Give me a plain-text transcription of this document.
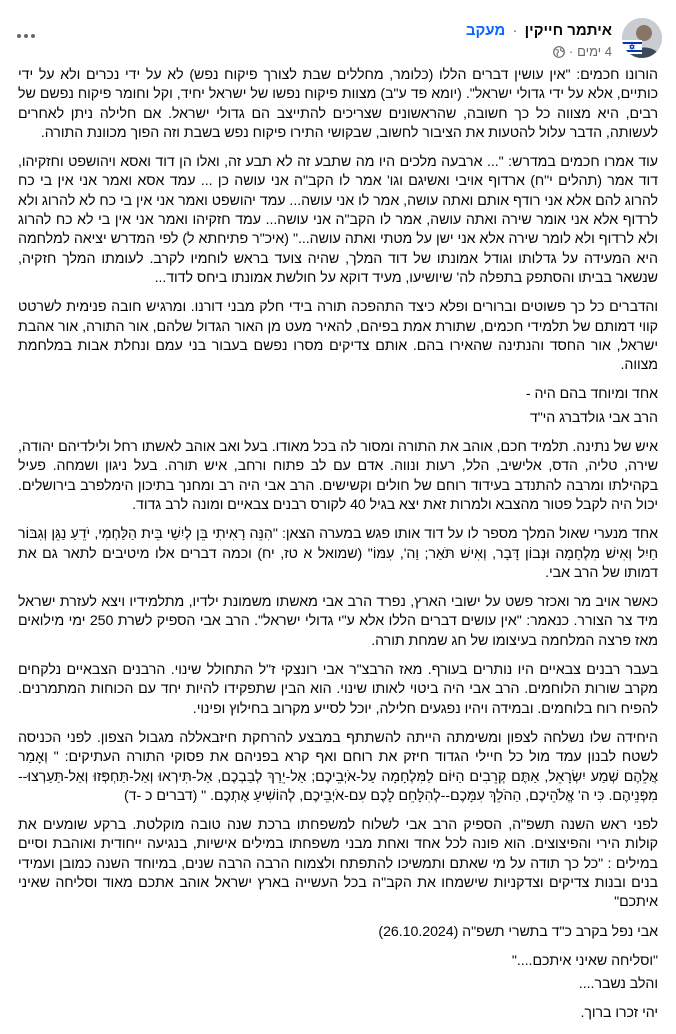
איתמר חייקין · מעקב
4 ימים
·

הורונו חכמים: "אין עושין דברים הללו (כלומר, מחללים שבת לצורך פיקוח נפש) לא על ידי נכרים ולא על ידי כותיים, אלא על ידי גדולי ישראל". (יומא פד ע"ב) מצוות פיקוח נפשו של ישראל יחיד, וקל וחומר פיקוח נפשם של רבים, היא מצווה כל כך חשובה, שהראשונים שצריכים להתייצב הם גדולי ישראל. אם חלילה ניתן לאחרים לעשותה, הדבר עלול להטעות את הציבור לחשוב, שבקושי התירו פיקוח נפש בשבת וזה הפוך מכוונת התורה.

עוד אמרו חכמים במדרש: "... ארבעה מלכים היו מה שתבע זה לא תבע זה, ואלו הן דוד ואסא ויהושפט וחזקיהו, דוד אמר (תהלים י"ח) ארדוף אויבי ואשיגם וגו' אמר לו הקב"ה אני עושה כן ... עמד אסא ואמר אני אין בי כח להרוג להם אלא אני רודף אותם ואתה עושה, אמר לו אני עושה... עמד יהושפט ואמר אני אין בי כח לא להרוג ולא לרדוף אלא אני אומר שירה ואתה עושה, אמר לו הקב"ה אני עושה... עמד חזקיהו ואמר אני אין בי לא כח להרוג ולא לרדוף ולא לומר שירה אלא אני ישן על מטתי ואתה עושה..." (איכ"ר פתיחתא ל) לפי המדרש יציאה למלחמה היא המעידה על גדלותו וגודל אמונתו של דוד המלך, שהיה צועד בראש לוחמיו לקרב. לעומתו המלך חזקיה, שנשאר בביתו והסתפק בתפלה לה' שיושיעו, מעיד דוקא על חולשת אמונתו ביחס לדוד...

והדברים כל כך פשוטים וברורים ופלא כיצד התהפכה תורה בידי חלק מבני דורנו. ומרגיש חובה פנימית לשרטט קווי דמותם של תלמידי חכמים, שתורת אמת בפיהם, להאיר מעט מן האור הגדול שלהם, אור התורה, אור אהבת ישראל, אור החסד והנתינה שהאירו בהם. אותם צדיקים מסרו נפשם בעבור בני עמם ונחלת אבות במלחמת מצווה.

אחד ומיוחד בהם היה -

הרב אבי גולדברג הי"ד

איש של נתינה. תלמיד חכם, אוהב את התורה ומסור לה בכל מאודו. בעל ואב אוהב לאשתו רחל ולילדיהם יהודה, שירה, טליה, הדס, אלישיב, הלל, רעות ונווה. אדם עם לב פתוח ורחב, איש תורה. בעל ניגון ושמחה. פעיל בקהילתו ומרבה להתנדב בעידוד רוחם של חולים וקשישים. הרב אבי היה רב ומחנך בתיכון הימלפרב בירושלים. יכול היה לקבל פטור מהצבא ולמרות זאת יצא בגיל 40 לקורס רבנים צבאיים ומונה לרב גדוד.

אחד מנערי שאול המלך מספר לו על דוד אותו פגש במערה הצאן: "הִנֵּה רָאִיתִי בֵּן לְיִשַׁי בֵּית הַלַּחְמִי, יֹדֵעַ נַגֵּן וְגִבּוֹר חַיִל וְאִישׁ מִלְחָמָה וּנְבוֹן דָּבָר, וְאִישׁ תֹּאַר; וַה', עִמּוֹ" (שמואל א טז, יח) וכמה דברים אלו מיטיבים לתאר גם את דמותו של הרב אבי.

כאשר אויב מר ואכזר פשט על ישובי הארץ, נפרד הרב אבי מאשתו משמונת ילדיו, מתלמידיו ויצא לעזרת ישראל מיד צר הצורר. כנאמר: "אין עושים דברים הללו אלא ע"י גדולי ישראל". הרב אבי הספיק לשרת 250 ימי מילואים מאז פרצה המלחמה בעיצומו של חג שמחת תורה.

בעבר רבנים צבאיים היו נותרים בעורף. מאז הרבצ"ר אבי רונצקי ז"ל התחולל שינוי. הרבנים הצבאיים נלקחים מקרב שורות הלוחמים. הרב אבי היה ביטוי לאותו שינוי. הוא הבין שתפקידו להיות יחד עם הכוחות המתמרנים. להפיח רוח בלוחמים. ובמידה ויהיו נפגעים חלילה, יוכל לסייע מקרוב בחילוץ ופינוי.

היחידה שלו נשלחה לצפון ומשימתה הייתה להשתתף במבצע להרחקת חיזבאללה מגבול הצפון. לפני הכניסה לשטח לבנון עמד מול כל חיילי הגדוד חיזק את רוחם ואף קרא בפניהם את פסוקי התורה העתיקים: " וְאָמַר אֲלֵהֶם שְׁמַע יִשְׂרָאֵל, אַתֶּם קְרֵבִים הַיּוֹם לַמִּלְחָמָה עַל-אֹיְבֵיכֶם; אַל-יֵרַךְ לְבַבְכֶם, אַל-תִּירְאוּ וְאַל-תַּחְפְּזוּ וְאַל-תַּעַרְצוּ--מִפְּנֵיהֶם. כִּי ה' אֱלֹהֵיכֶם, הַהֹלֵךְ עִמָּכֶם--לְהִלָּחֵם לָכֶם עִם-אֹיְבֵיכֶם, לְהוֹשִׁיעַ אֶתְכֶם. " (דברים כ -ד)

לפני ראש השנה תשפ"ה, הספיק הרב אבי לשלוח למשפחתו ברכת שנה טובה מוקלטת. ברקע שומעים את קולות הירי והפיצוצים. הוא פונה לכל אחד ואחת מבני משפחתו במילים אישיות, בנגיעה ייחודית ואוהבת וסיים במילים : "כל כך תודה על מי שאתם ותמשיכו להתפתח ולצמוח הרבה הרבה שנים, במיוחד השנה כמובן ועמידי בנים ובנות צדיקים וצדקניות שישמחו את הקב"ה בכל העשייה בארץ ישראל אוהב אתכם מאוד וסליחה שאיני איתכם"

אבי נפל בקרב כ"ד בתשרי תשפ"ה (26.10.2024)

"וסליחה שאיני איתכם...."

והלב נשבר....

יהי זכרו ברוך.
